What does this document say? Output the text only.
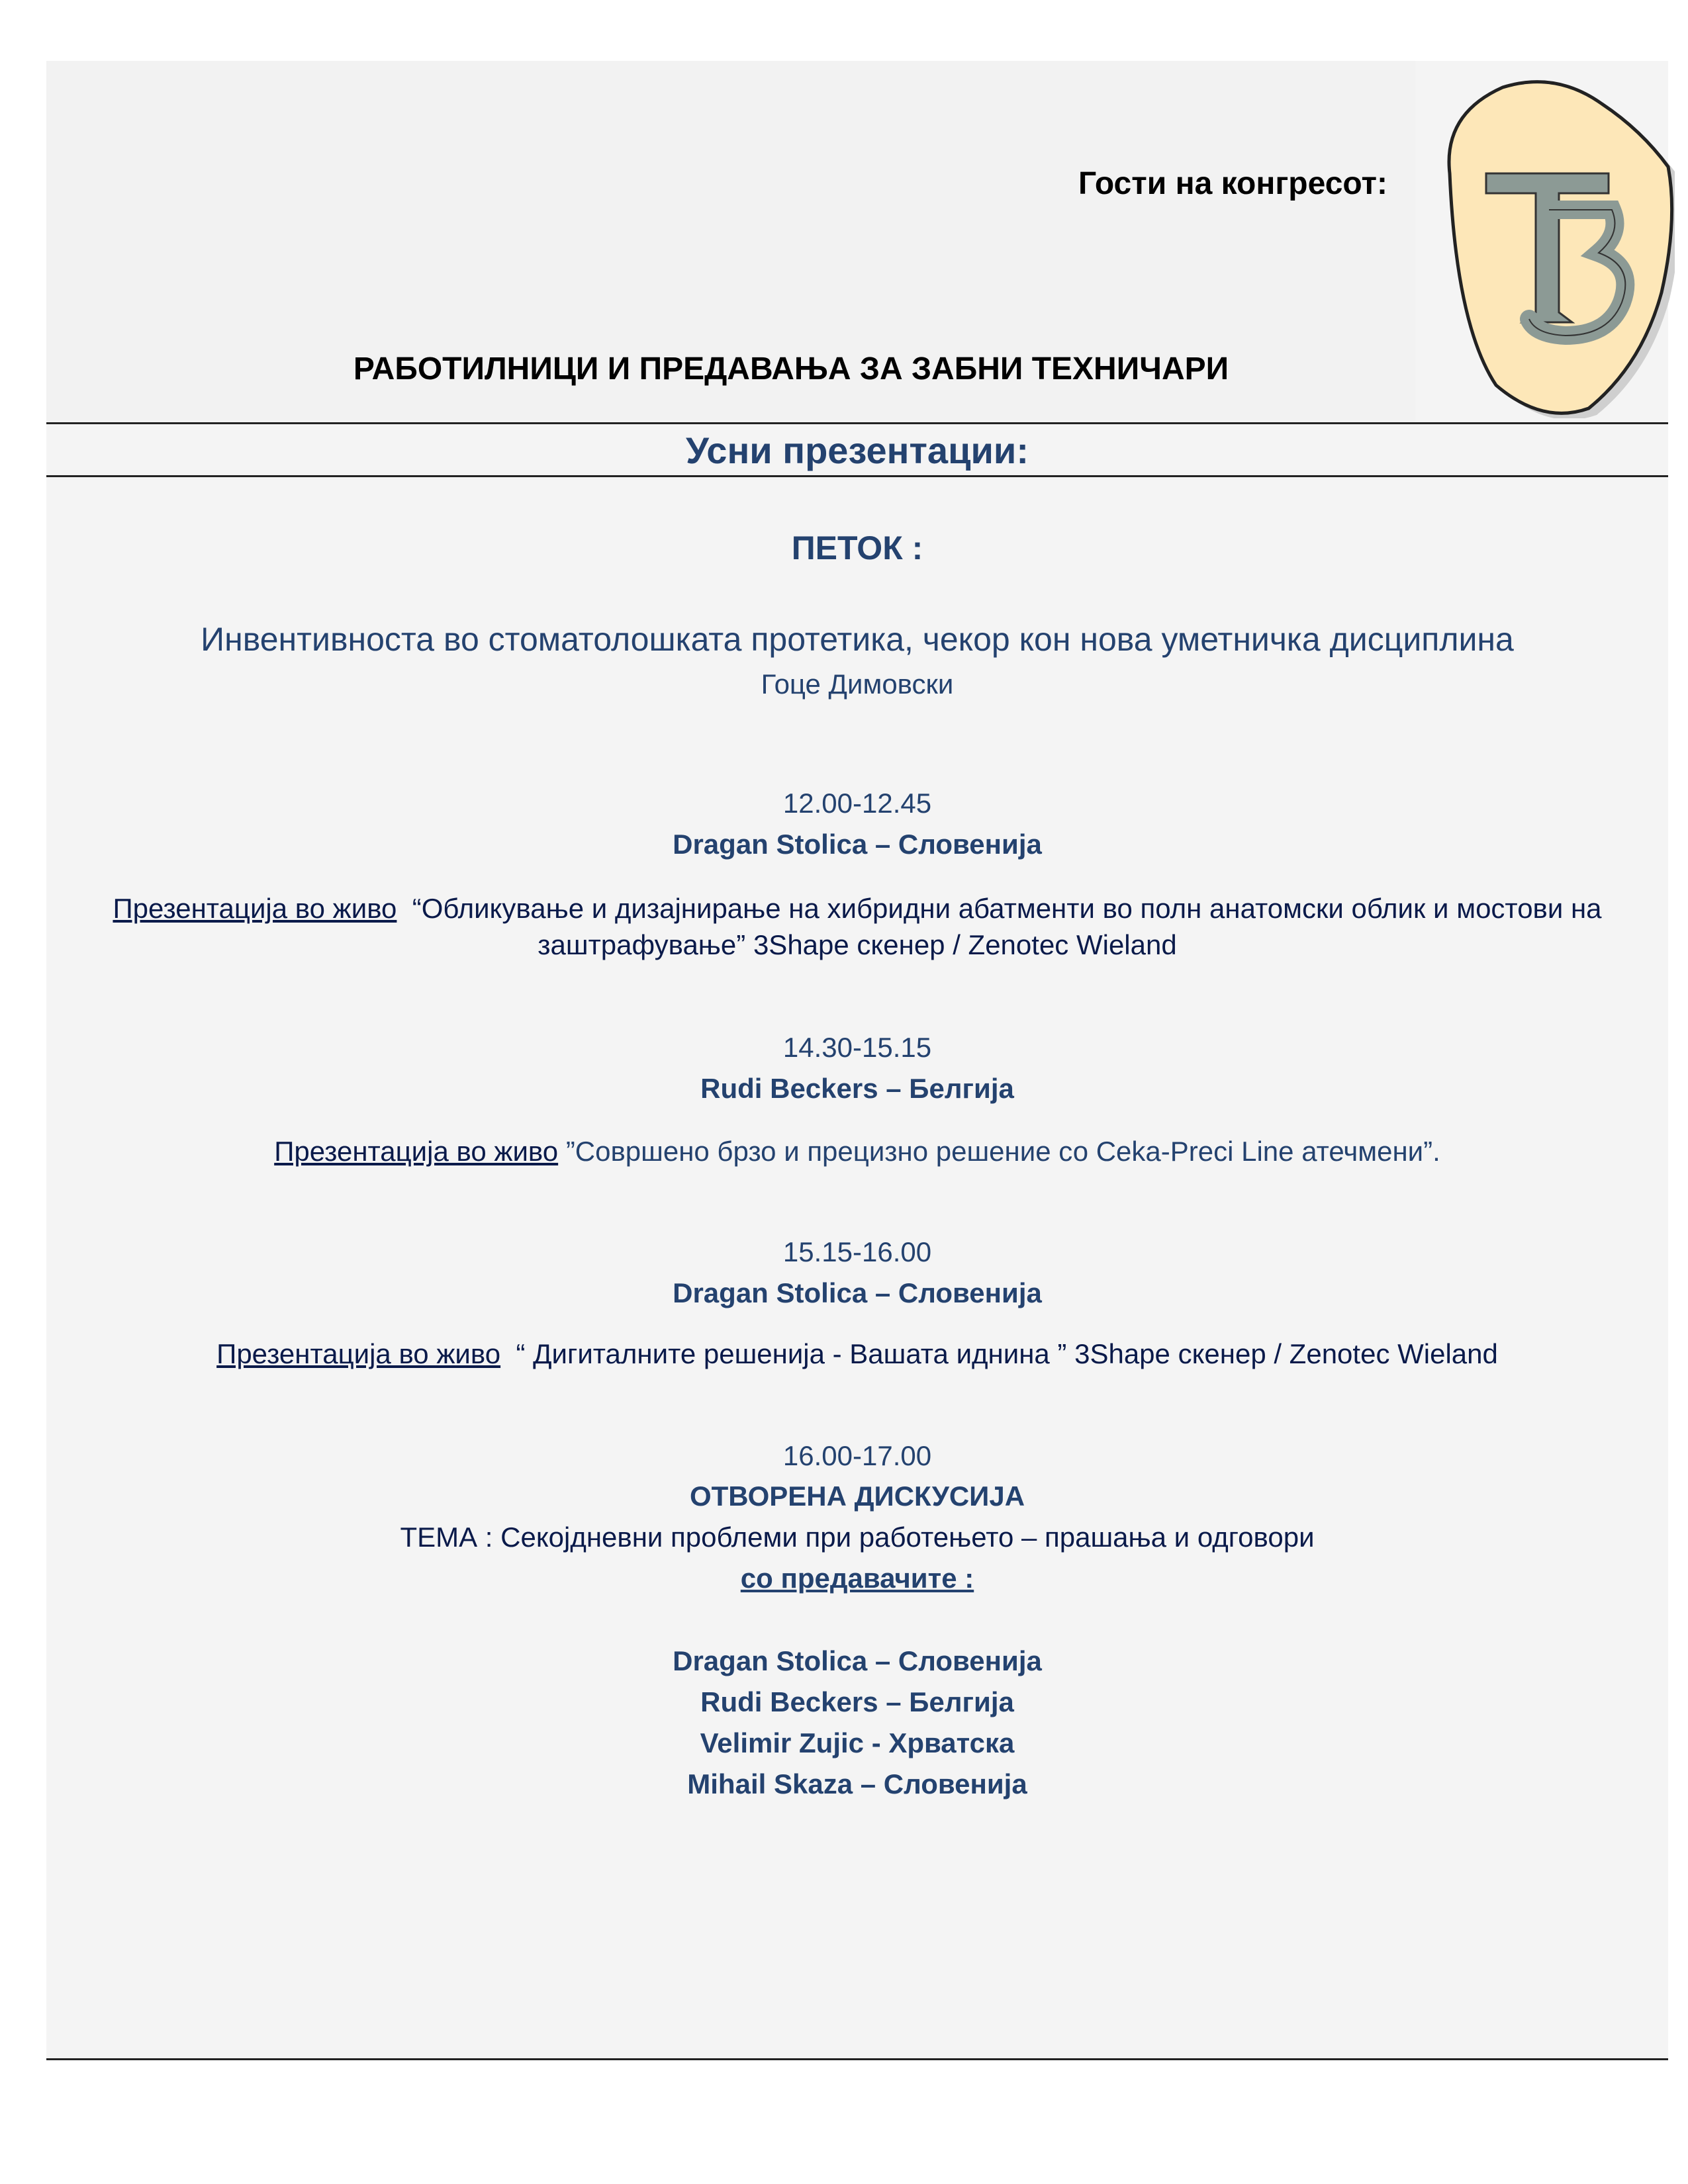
Гости на конгресот:
РАБОТИЛНИЦИ И ПРЕДАВАЊА ЗА ЗАБНИ ТЕХНИЧАРИ
Усни презентации:
ПЕТОК :
Инвентивноста во стоматолошката протетика, чекор кон нова уметничка дисциплина
Гоце Димовски
12.00-12.45
Dragan Stolica – Словенија
Презентација во живо “Обликување и дизајнирање на хибридни абатменти во полн анатомски облик и мостови на
заштрафување” 3Shape скенер / Zenotec Wieland
14.30-15.15
Rudi Beckers – Белгија
Презентација во живо ”Совршено брзо и прецизно решение со Ceka-Preci Line атечмени”.
15.15-16.00
Dragan Stolica – Словенија
Презентација во живо “ Дигиталните решенија - Вашата иднина ” 3Shape скенер / Zenotec Wieland
16.00-17.00
ОТВОРЕНА ДИСКУСИЈА
ТЕМА : Секојдневни проблеми при работењето – прашања и одговори
со предавачите :
Dragan Stolica – Словенија
Rudi Beckers – Белгија
Velimir Zujic - Хрватска
Mihail Skaza – Словенија
